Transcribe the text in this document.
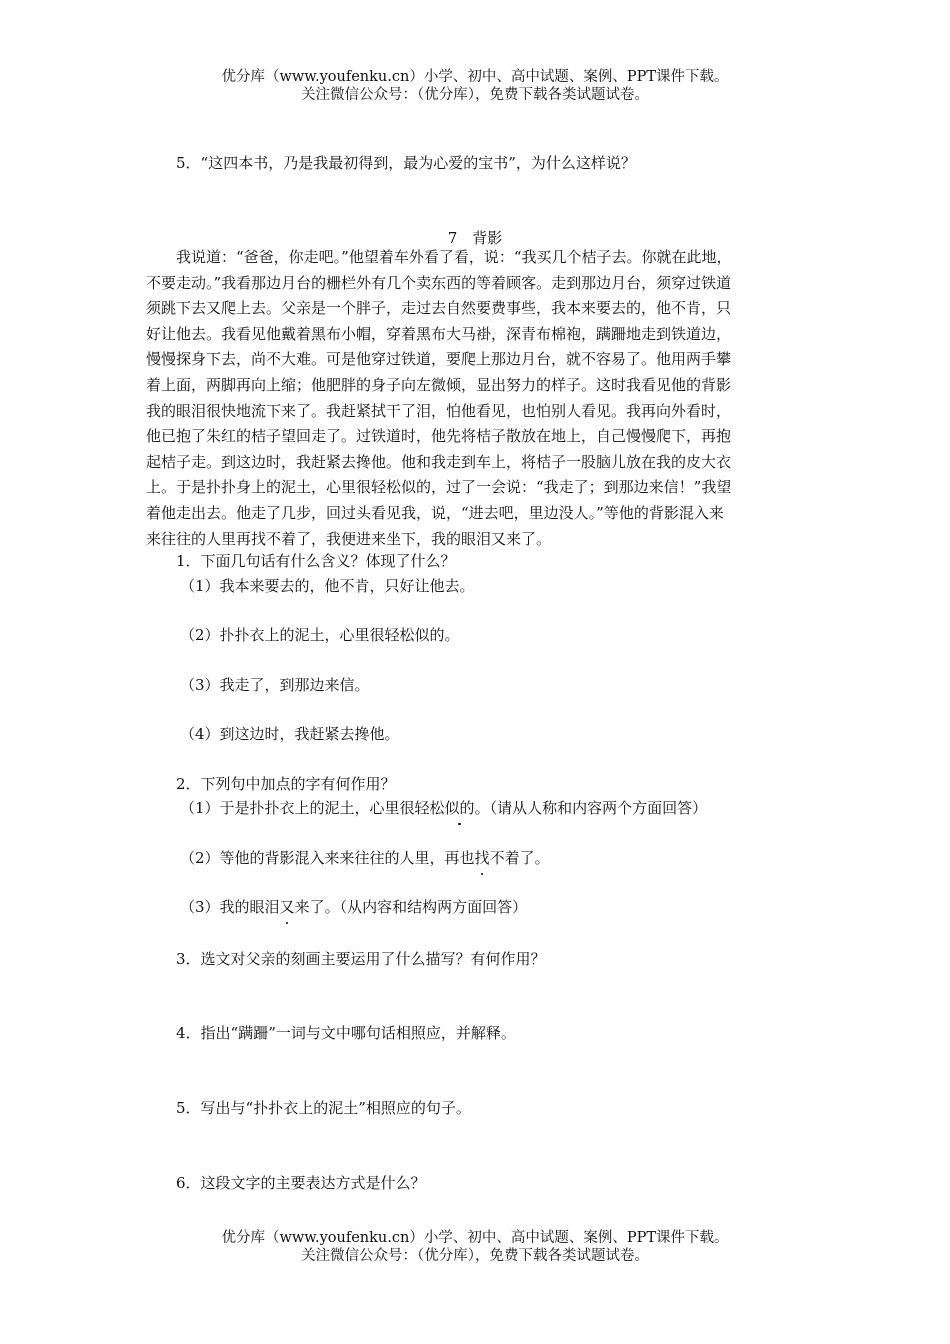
优分库（www.youfenku.cn）小学、初中、高中试题、案例、PPT课件下载。
关注微信公众号：（优分库），免费下载各类试题试卷。
5．“这四本书，乃是我最初得到，最为心爱的宝书”，为什么这样说？
7　背影
　　我说道：“爸爸，你走吧。”他望着车外看了看，说：“我买几个桔子去。你就在此地，
不要走动。”我看那边月台的栅栏外有几个卖东西的等着顾客。走到那边月台，须穿过铁道
须跳下去又爬上去。父亲是一个胖子，走过去自然要费事些，我本来要去的，他不肯，只
好让他去。我看见他戴着黑布小帽，穿着黑布大马褂，深青布棉袍，蹒跚地走到铁道边，
慢慢探身下去，尚不大难。可是他穿过铁道，要爬上那边月台，就不容易了。他用两手攀
着上面，两脚再向上缩；他肥胖的身子向左微倾，显出努力的样子。这时我看见他的背影
我的眼泪很快地流下来了。我赶紧拭干了泪，怕他看见，也怕别人看见。我再向外看时，
他已抱了朱红的桔子望回走了。过铁道时，他先将桔子散放在地上，自己慢慢爬下，再抱
起桔子走。到这边时，我赶紧去搀他。他和我走到车上，将桔子一股脑儿放在我的皮大衣
上。于是扑扑身上的泥土，心里很轻松似的，过了一会说：“我走了；到那边来信！”我望
着他走出去。他走了几步，回过头看见我，说，“进去吧，里边没人。”等他的背影混入来
来往往的人里再找不着了，我便进来坐下，我的眼泪又来了。
1．下面几句话有什么含义？体现了什么？
（1）我本来要去的，他不肯，只好让他去。
（2）扑扑衣上的泥土，心里很轻松似的。
（3）我走了，到那边来信。
（4）到这边时，我赶紧去搀他。
2．下列句中加点的字有何作用？
（1）于是扑扑衣上的泥土，心里很轻松似的。（请从人称和内容两个方面回答）
（2）等他的背影混入来来往往的人里，再也找不着了。
（3）我的眼泪又来了。（从内容和结构两方面回答）
3．选文对父亲的刻画主要运用了什么描写？有何作用？
4．指出“蹒跚”一词与文中哪句话相照应，并解释。
5．写出与“扑扑衣上的泥土”相照应的句子。
6．这段文字的主要表达方式是什么？
优分库（www.youfenku.cn）小学、初中、高中试题、案例、PPT课件下载。
关注微信公众号：（优分库），免费下载各类试题试卷。
